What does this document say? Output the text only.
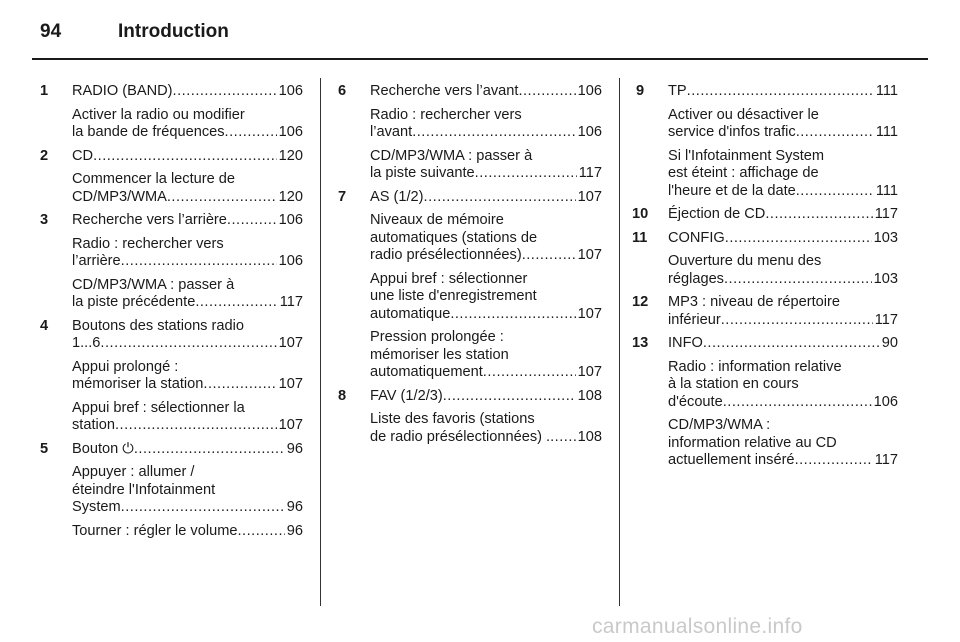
94	Introduction
1 RADIO (BAND) .....	106
Activer la radio ou modifier
la bande de fréquences .....	106
2 CD .....	120
Commencer la lecture de
CD/MP3/WMA .....	120
3 Recherche vers l’arrière .....	106
Radio : rechercher vers
l’arrière .....	106
CD/MP3/WMA : passer à
la piste précédente .....	117
4 Boutons des stations radio
1...6 .....	107
Appui prolongé :
mémoriser la station .....	107
Appui bref : sélectionner la
station .....	107
5 Bouton ⏻ .....	96
Appuyer : allumer /
éteindre l'Infotainment
System .....	96
Tourner : régler le volume .....	96
6 Recherche vers l’avant .....	106
Radio : rechercher vers
l’avant .....	106
CD/MP3/WMA : passer à
la piste suivante .....	117
7 AS (1/2) .....	107
Niveaux de mémoire
automatiques (stations de
radio présélectionnées) .....	107
Appui bref : sélectionner
une liste d'enregistrement
automatique .....	107
Pression prolongée :
mémoriser les station
automatiquement .....	107
8 FAV (1/2/3) .....	108
Liste des favoris (stations
de radio présélectionnées) . ..... 108
9 TP .....	111
Activer ou désactiver le
service d'infos trafic .....	111
Si l'Infotainment System
est éteint : affichage de
l'heure et de la date .....	111
10 Éjection de CD .....	117
11 CONFIG .....	103
Ouverture du menu des
réglages .....	103
12 MP3 : niveau de répertoire
inférieur .....	117
13 INFO .....	90
Radio : information relative
à la station en cours
d'écoute .....	106
CD/MP3/WMA :
information relative au CD
actuellement inséré .....	117
carmanualsonline.info
